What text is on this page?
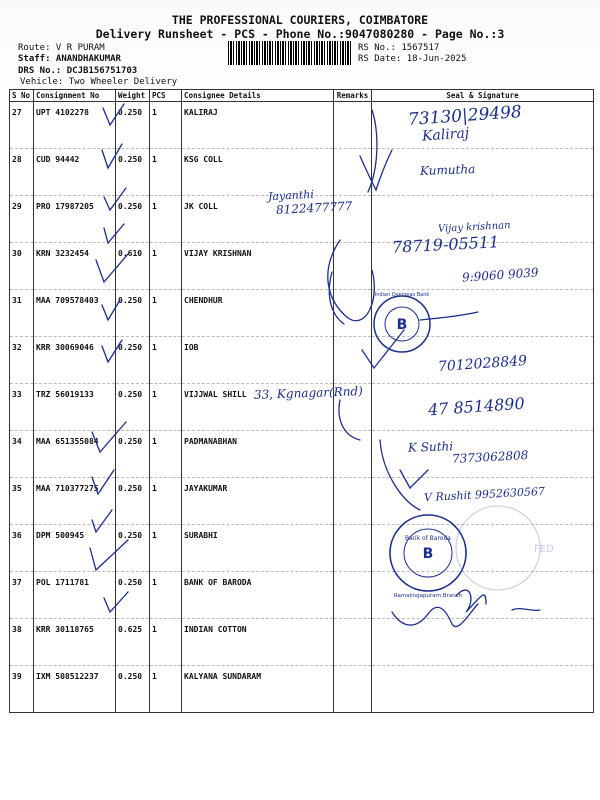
THE PROFESSIONAL COURIERS, COIMBATORE
Delivery Runsheet - PCS - Phone No.:9047080280 - Page No.:3
Route: V R PURAM
Staff: ANANDHAKUMAR
DRS No.: DCJB156751703
Vehicle: Two Wheeler Delivery
RS No.: 1567517
RS Date: 18-Jun-2025
S No	Consignment No	Weight	PCS	Consignee Details	Remarks	Seal & Signature
27	UPT 4102278	0.250	1	KALIRAJ		
28	CUD 94442	0.250	1	KSG COLL		
29	PRO 17987205	0.250	1	JK COLL		
30	KRN 3232454	0.610	1	VIJAY KRISHNAN		
31	MAA 709578403	0.250	1	CHENDHUR		
32	KRR 30069046	0.250	1	IOB		
33	TRZ 56019133	0.250	1	VIJJWAL SHILL		
34	MAA 651355084	0.250	1	PADMANABHAN		
35	MAA 710377275	0.250	1	JAYAKUMAR		
36	DPM 500945	0.250	1	SURABHI		
37	POL 1711781	0.250	1	BANK OF BARODA		
38	KRR 30118765	0.625	1	INDIAN COTTON		
39	IXM 508512237	0.250	1	KALYANA SUNDARAM		
B
Indian Overseas Bank
Bank of Baroda
B
Ramalingapuram Branch
FED
73130|29498
Kaliraj
Kumutha
Jayanthi
8122477777
Vijay krishnan
78719-05511
9:9060 9039
7012028849
33, Kgnagar(Rnd)
47 8514890
K Suthi
7373062808
V Rushit 9952630567
